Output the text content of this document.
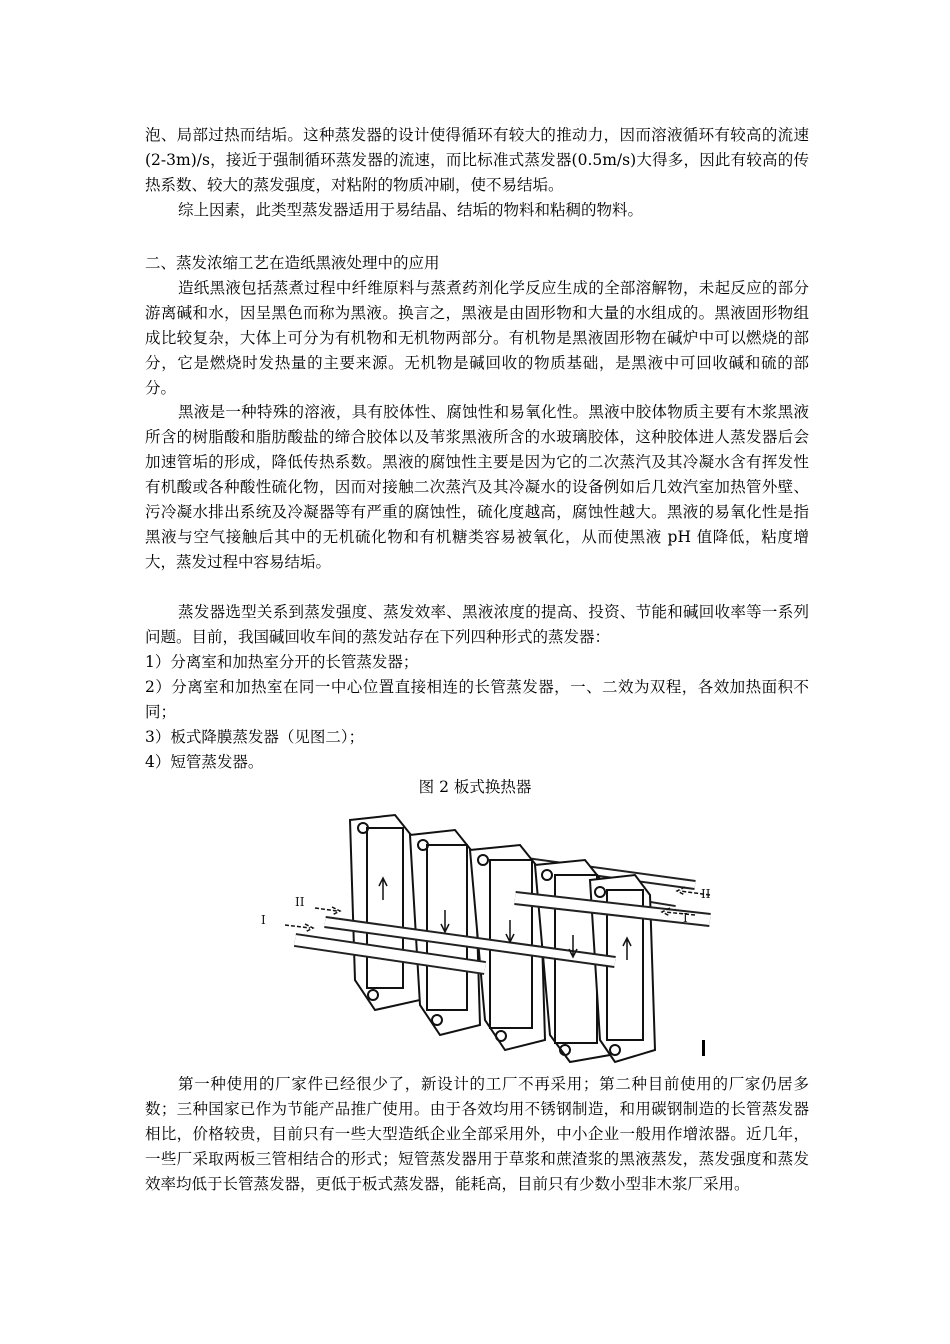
泡、局部过热而结垢。这种蒸发器的设计使得循环有较大的推动力，因而溶液循环有较高的流速(2-3m)/s，接近于强制循环蒸发器的流速，而比标准式蒸发器(0.5m/s)大得多，因此有较高的传热系数、较大的蒸发强度，对粘附的物质冲刷，使不易结垢。

综上因素，此类型蒸发器适用于易结晶、结垢的物料和粘稠的物料。

二、蒸发浓缩工艺在造纸黑液处理中的应用

造纸黑液包括蒸煮过程中纤维原料与蒸煮药剂化学反应生成的全部溶解物，未起反应的部分游离碱和水，因呈黑色而称为黑液。换言之，黑液是由固形物和大量的水组成的。黑液固形物组成比较复杂，大体上可分为有机物和无机物两部分。有机物是黑液固形物在碱炉中可以燃烧的部分，它是燃烧时发热量的主要来源。无机物是碱回收的物质基础，是黑液中可回收碱和硫的部分。

黑液是一种特殊的溶液，具有胶体性、腐蚀性和易氧化性。黑液中胶体物质主要有木浆黑液所含的树脂酸和脂肪酸盐的缔合胶体以及苇浆黑液所含的水玻璃胶体，这种胶体进人蒸发器后会加速管垢的形成，降低传热系数。黑液的腐蚀性主要是因为它的二次蒸汽及其冷凝水含有挥发性有机酸或各种酸性硫化物，因而对接触二次蒸汽及其冷凝水的设备例如后几效汽室加热管外壁、污冷凝水排出系统及冷凝器等有严重的腐蚀性，硫化度越高，腐蚀性越大。黑液的易氧化性是指黑液与空气接触后其中的无机硫化物和有机糖类容易被氧化，从而使黑液 pH 值降低，粘度增大，蒸发过程中容易结垢。

蒸发器选型关系到蒸发强度、蒸发效率、黑液浓度的提高、投资、节能和碱回收率等一系列问题。目前，我国碱回收车间的蒸发站存在下列四种形式的蒸发器：

1）分离室和加热室分开的长管蒸发器；

2）分离室和加热室在同一中心位置直接相连的长管蒸发器，一、二效为双程，各效加热面积不同；

3）板式降膜蒸发器（见图二）；

4）短管蒸发器。

图 2 板式换热器

I
II
II
I

第一种使用的厂家件已经很少了，新设计的工厂不再采用；第二种目前使用的厂家仍居多数；三种国家已作为节能产品推广使用。由于各效均用不锈钢制造，和用碳钢制造的长管蒸发器相比，价格较贵，目前只有一些大型造纸企业全部采用外，中小企业一般用作增浓器。近几年，一些厂采取两板三管相结合的形式；短管蒸发器用于草浆和蔗渣浆的黑液蒸发，蒸发强度和蒸发效率均低于长管蒸发器，更低于板式蒸发器，能耗高，目前只有少数小型非木浆厂采用。
